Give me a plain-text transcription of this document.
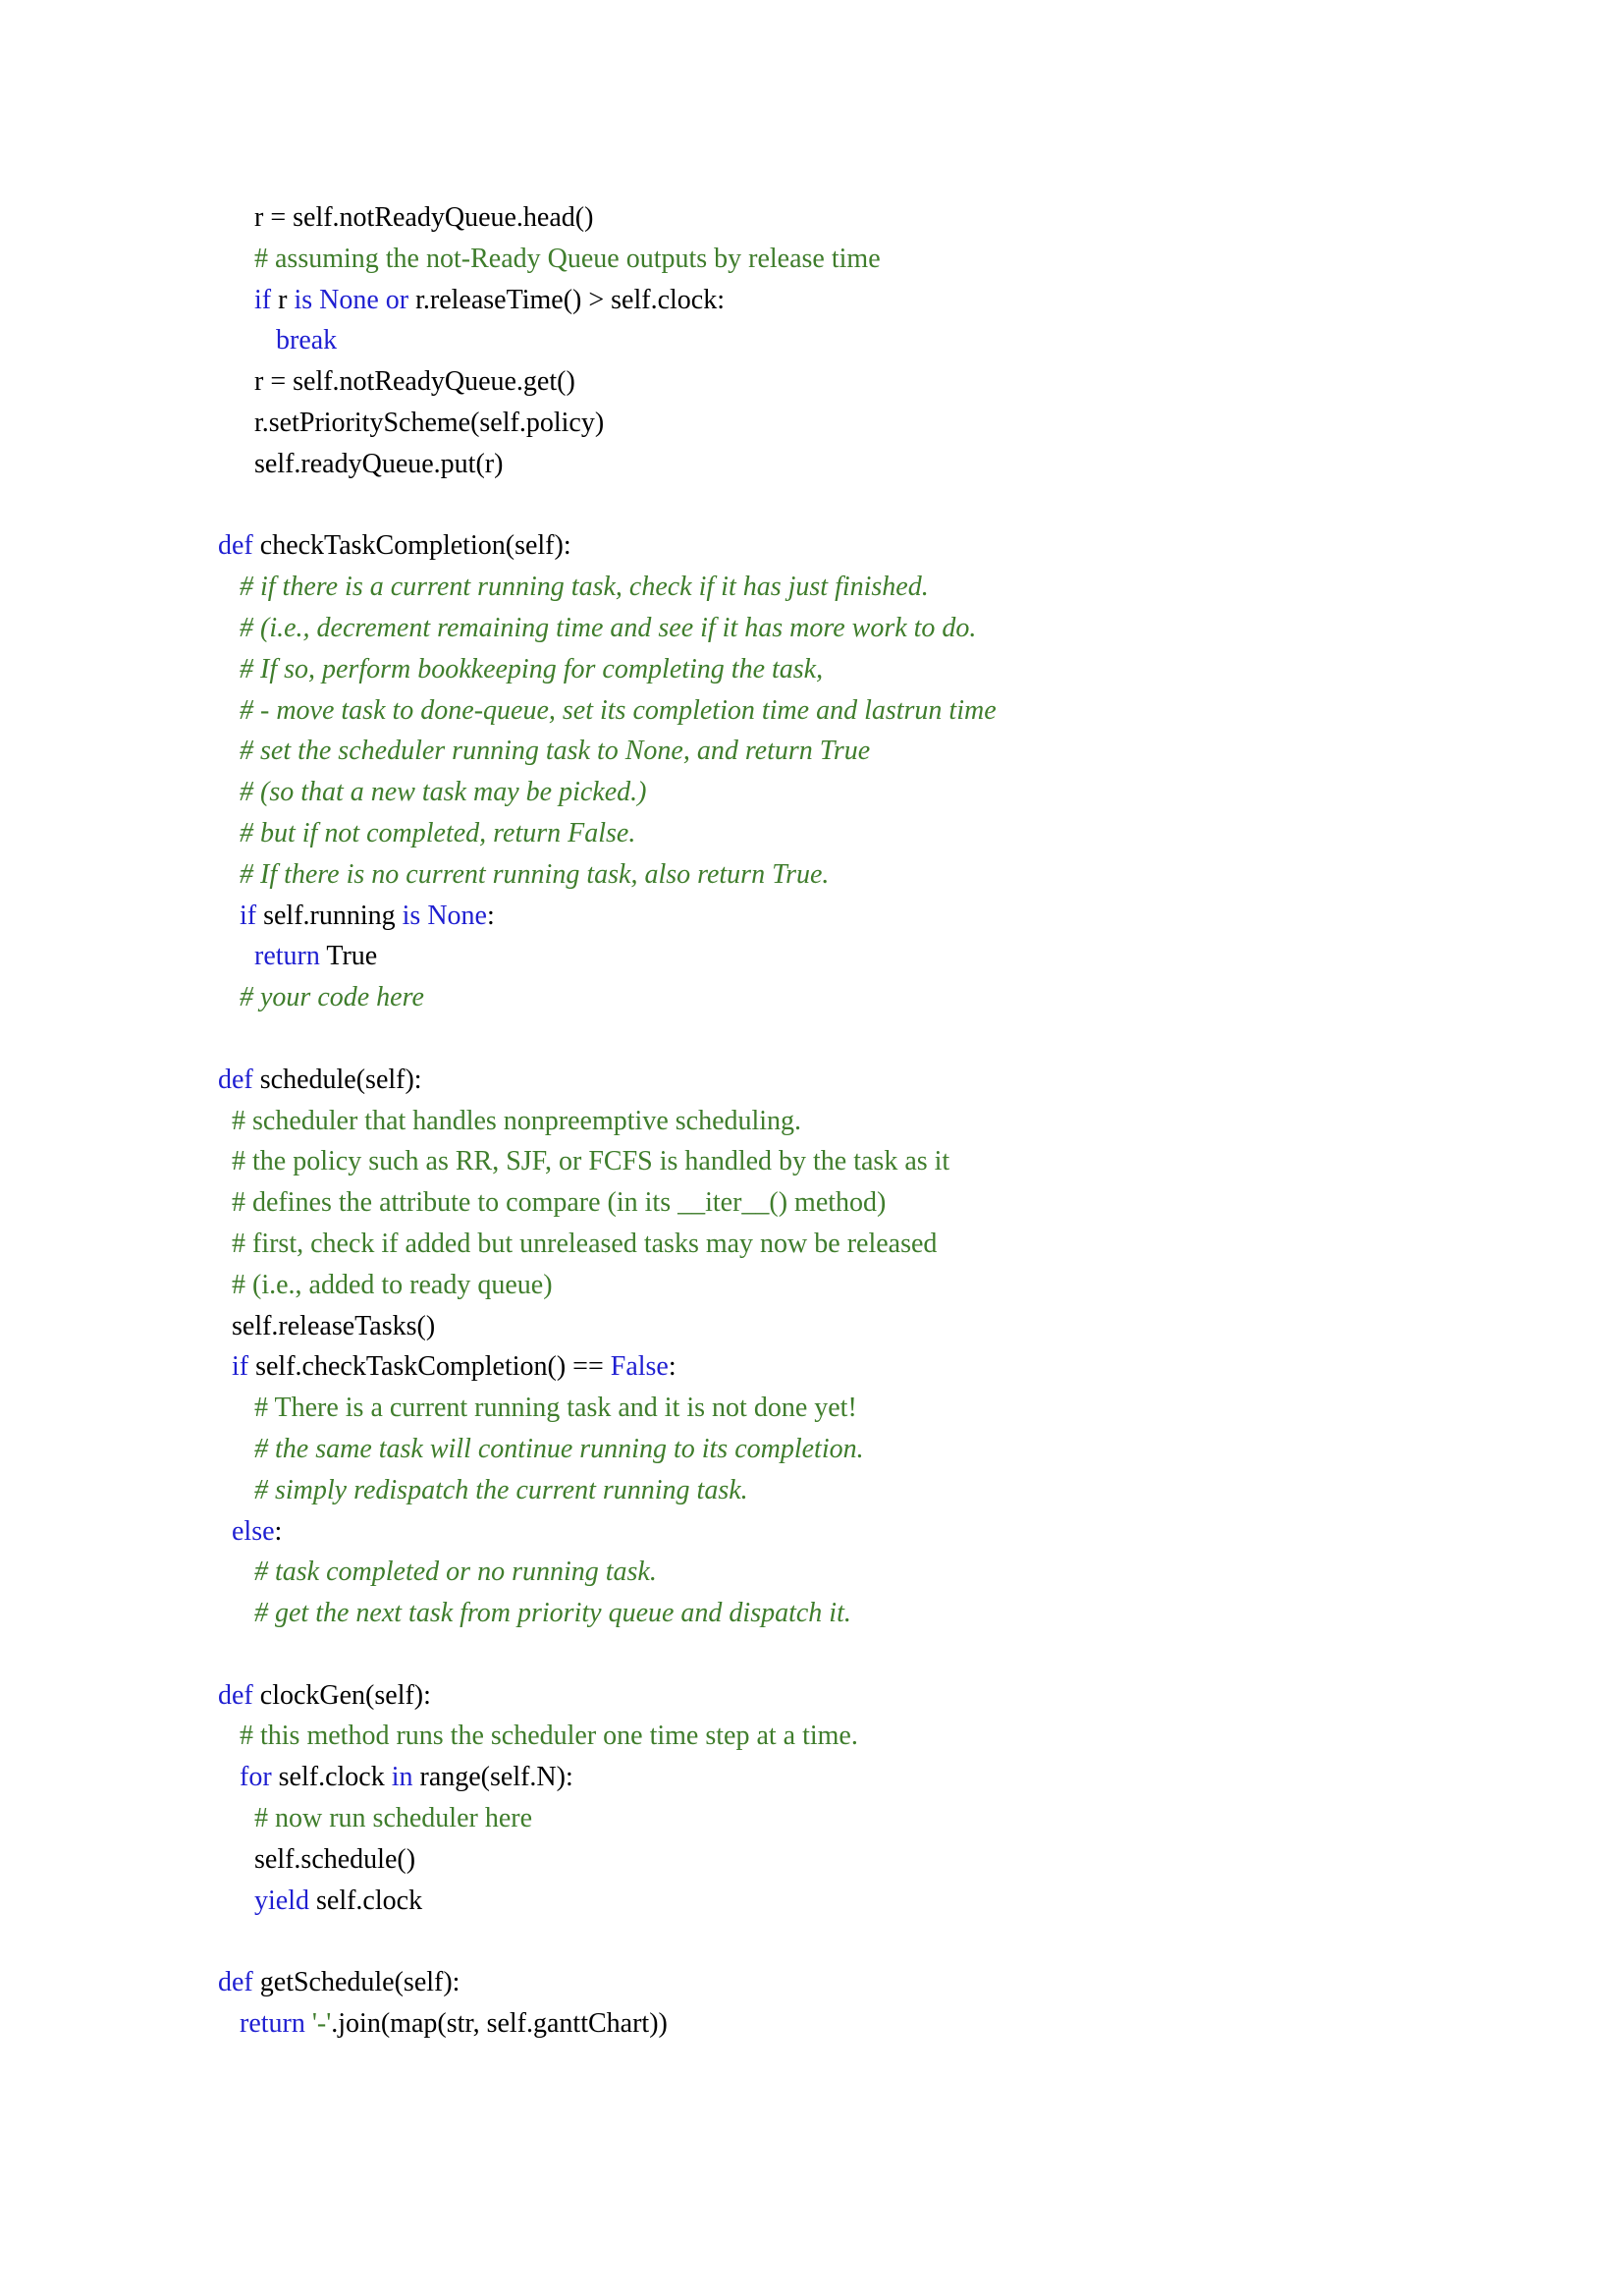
r = self.notReadyQueue.head()
# assuming the not-Ready Queue outputs by release time
if r is None or r.releaseTime() > self.clock:
break
r = self.notReadyQueue.get()
r.setPriorityScheme(self.policy)
self.readyQueue.put(r)
def checkTaskCompletion(self):
# if there is a current running task, check if it has just finished.
# (i.e., decrement remaining time and see if it has more work to do.
# If so, perform bookkeeping for completing the task,
# - move task to done-queue, set its completion time and lastrun time
# set the scheduler running task to None, and return True
# (so that a new task may be picked.)
# but if not completed, return False.
# If there is no current running task, also return True.
if self.running is None:
return True
# your code here
def schedule(self):
# scheduler that handles nonpreemptive scheduling.
# the policy such as RR, SJF, or FCFS is handled by the task as it
# defines the attribute to compare (in its __iter__() method)
# first, check if added but unreleased tasks may now be released
# (i.e., added to ready queue)
self.releaseTasks()
if self.checkTaskCompletion() == False:
# There is a current running task and it is not done yet!
# the same task will continue running to its completion.
# simply redispatch the current running task.
else:
# task completed or no running task.
# get the next task from priority queue and dispatch it.
def clockGen(self):
# this method runs the scheduler one time step at a time.
for self.clock in range(self.N):
# now run scheduler here
self.schedule()
yield self.clock
def getSchedule(self):
return '-'.join(map(str, self.ganttChart))
